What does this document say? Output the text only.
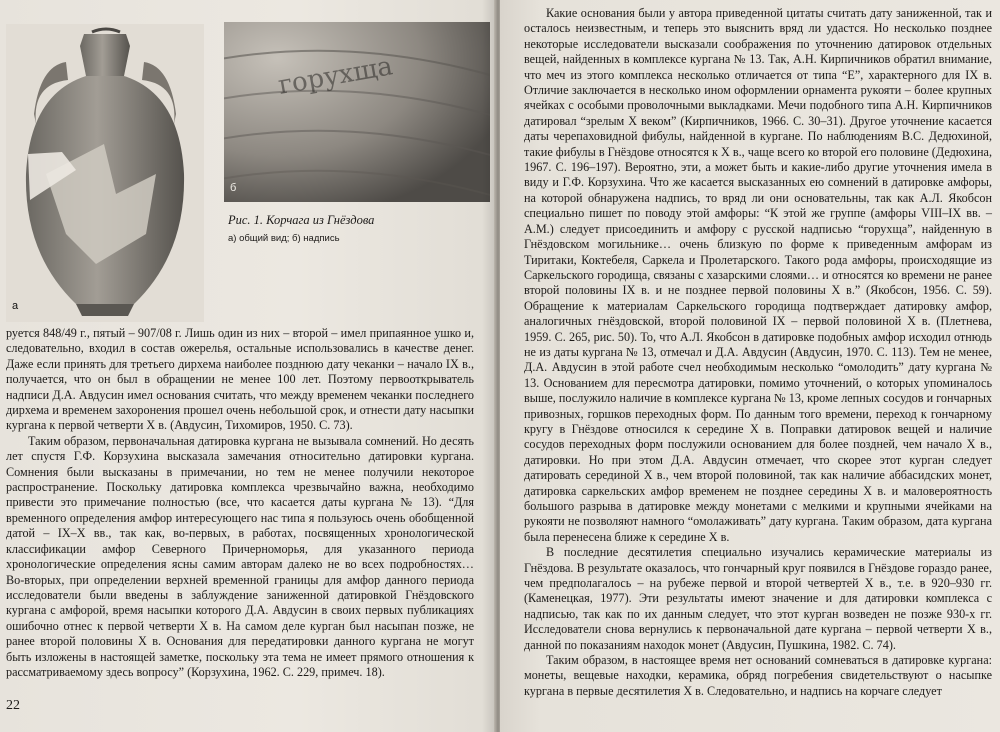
а
горухща
б

Рис. 1. Корчага из Гнёздова

а) общий вид; б) надпись

руется 848/49 г., пятый – 907/08 г. Лишь один из них – второй – имел припаянное ушко и, следовательно, входил в состав ожерелья, остальные использовались в качестве денег. Даже если принять для третьего дирхема наиболее позднюю дату чеканки – начало IX в., получается, что он был в обращении не менее 100 лет. Поэтому первооткрыватель надписи Д.А. Авдусин имел основания считать, что между временем чеканки последнего дирхема и временем захоронения прошел очень небольшой срок, и отнести дату насыпки кургана к первой четверти X в. (Авдусин, Тихомиров, 1950. С. 73).

Таким образом, первоначальная датировка кургана не вызывала сомнений. Но десять лет спустя Г.Ф. Корзухина высказала замечания относительно датировки кургана. Сомнения были высказаны в примечании, но тем не менее получили некоторое распространение. Поскольку датировка комплекса чрезвычайно важна, необходимо привести это примечание полностью (все, что касается даты кургана № 13). “Для временного определения амфор интересующего нас типа я пользуюсь очень обобщенной датой – IX–X вв., так как, во-первых, в работах, посвященных хронологической классификации амфор Северного Причерноморья, для указанного периода хронологические определения ясны самим авторам далеко не во всех подробностях… Во-вторых, при определении верхней временной границы для амфор данного периода исследователи были введены в заблуждение заниженной датировкой Гнёздовского кургана с амфорой, время насыпки которого Д.А. Авдусин в своих первых публикациях ошибочно отнес к первой четверти X в. На самом деле курган был насыпан позже, не ранее второй половины X в. Основания для передатировки данного кургана не могут быть изложены в настоящей заметке, поскольку эта тема не имеет прямого отношения к рассматриваемому здесь вопросу” (Корзухина, 1962. С. 229, примеч. 18).

22

Какие основания были у автора приведенной цитаты считать дату заниженной, так и осталось неизвестным, и теперь это выяснить вряд ли удастся. Но несколько позднее некоторые исследователи высказали соображения по уточнению датировок отдельных вещей, найденных в комплексе кургана № 13. Так, А.Н. Кирпичников обратил внимание, что меч из этого комплекса несколько отличается от типа “Е”, характерного для IX в. Отличие заключается в несколько ином оформлении орнамента рукояти – более крупных ячейках с особыми проволочными выкладками. Мечи подобного типа А.Н. Кирпичников датировал “зрелым X веком” (Кирпичников, 1966. С. 30–31). Другое уточнение касается даты черепаховидной фибулы, найденной в кургане. По наблюдениям В.С. Дедюхиной, такие фибулы в Гнёздове относятся к X в., чаще всего ко второй его половине (Дедюхина, 1967. С. 196–197). Вероятно, эти, а может быть и какие-либо другие уточнения имела в виду и Г.Ф. Корзухина. Что же касается высказанных ею сомнений в датировке амфоры, на которой обнаружена надпись, то вряд ли они основательны, так как А.Л. Якобсон специально пишет по поводу этой амфоры: “К этой же группе (амфоры VIII–IX вв. – А.М.) следует присоединить и амфору с русской надписью “горухща”, найденную в Гнёздовском могильнике… очень близкую по форме к приведенным амфорам из Тиритаки, Коктебеля, Саркела и Пролетарского. Такого рода амфоры, происходящие из Саркельского городища, связаны с хазарскими слоями… и относятся ко времени не ранее второй половины IX в. и не позднее первой половины X в.” (Якобсон, 1956. С. 59). Обращение к материалам Саркельского городища подтверждает датировку амфор, аналогичных гнёздовской, второй половиной IX – первой половиной X в. (Плетнева, 1959. С. 265, рис. 50). То, что А.Л. Якобсон в датировке подобных амфор исходил отнюдь не из даты кургана № 13, отмечал и Д.А. Авдусин (Авдусин, 1970. С. 113). Тем не менее, Д.А. Авдусин в этой работе счел необходимым несколько “омолодить” дату кургана № 13. Основанием для пересмотра датировки, помимо уточнений, о которых упоминалось выше, послужило наличие в комплексе кургана № 13, кроме лепных сосудов и гончарных привозных, горшков переходных форм. По данным того времени, переход к гончарному кругу в Гнёздове относился к середине X в. Поправки датировок вещей и наличие сосудов переходных форм послужили основанием для более поздней, чем начало X в., датировки. Но при этом Д.А. Авдусин отмечает, что скорее этот курган следует датировать серединой X в., чем второй половиной, так как наличие аббасидских монет, датировка саркельских амфор временем не позднее середины X в. и маловероятность большого разрыва в датировке между монетами с мелкими и крупными ячейками на рукояти не позволяют намного “омолаживать” дату кургана. Таким образом, дата кургана была перенесена ближе к середине X в.

В последние десятилетия специально изучались керамические материалы из Гнёздова. В результате оказалось, что гончарный круг появился в Гнёздове гораздо ранее, чем предполагалось – на рубеже первой и второй четвертей X в., т.е. в 920–930 гг. (Каменецкая, 1977). Эти результаты имеют значение и для датировки комплекса с надписью, так как по их данным следует, что этот курган возведен не позже 930-х гг. Исследователи снова вернулись к первоначальной дате кургана – первой четверти X в., данной по показаниям находок монет (Авдусин, Пушкина, 1982. С. 74).

Таким образом, в настоящее время нет оснований сомневаться в датировке кургана: монеты, вещевые находки, керамика, обряд погребения свидетельствуют о насыпке кургана в первые десятилетия X в. Следовательно, и надпись на корчаге следует
